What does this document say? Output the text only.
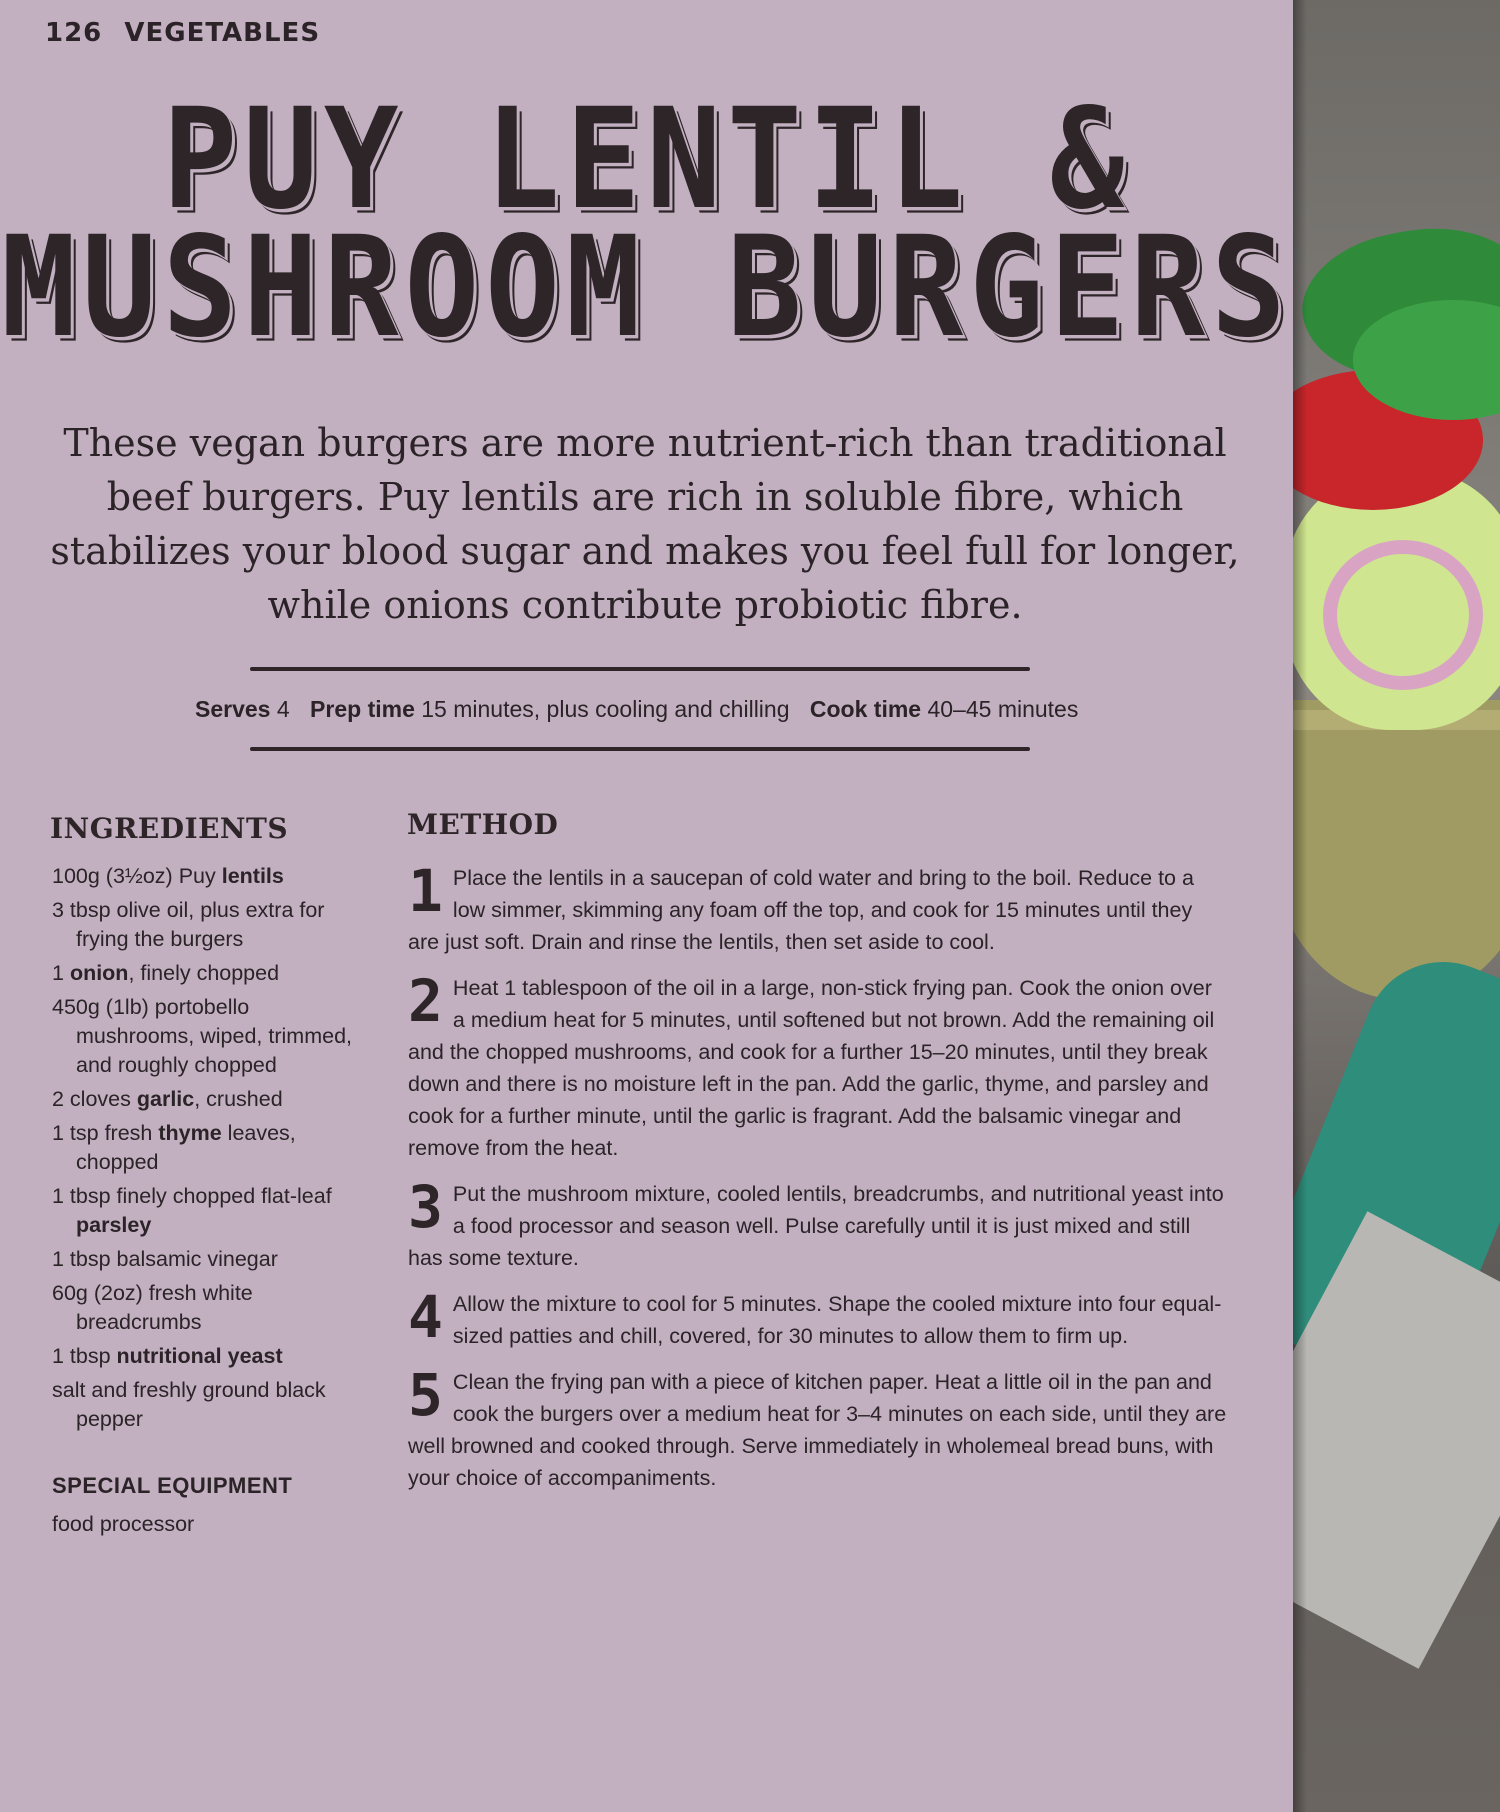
126 VEGETABLES
PUY LENTIL &
MUSHROOM BURGERS
These vegan burgers are more nutrient-rich than traditional beef burgers. Puy lentils are rich in soluble fibre, which stabilizes your blood sugar and makes you feel full for longer, while onions contribute probiotic fibre.
Serves 4 Prep time 15 minutes, plus cooling and chilling Cook time 40–45 minutes
INGREDIENTS
100g (3½oz) Puy lentils
3 tbsp olive oil, plus extra for frying the burgers
1 onion, finely chopped
450g (1lb) portobello mushrooms, wiped, trimmed, and roughly chopped
2 cloves garlic, crushed
1 tsp fresh thyme leaves, chopped
1 tbsp finely chopped flat-leaf parsley
1 tbsp balsamic vinegar
60g (2oz) fresh white breadcrumbs
1 tbsp nutritional yeast
salt and freshly ground black pepper
SPECIAL EQUIPMENT
food processor
METHOD
1 Place the lentils in a saucepan of cold water and bring to the boil. Reduce to a low simmer, skimming any foam off the top, and cook for 15 minutes until they are just soft. Drain and rinse the lentils, then set aside to cool.
2 Heat 1 tablespoon of the oil in a large, non-stick frying pan. Cook the onion over a medium heat for 5 minutes, until softened but not brown. Add the remaining oil and the chopped mushrooms, and cook for a further 15–20 minutes, until they break down and there is no moisture left in the pan. Add the garlic, thyme, and parsley and cook for a further minute, until the garlic is fragrant. Add the balsamic vinegar and remove from the heat.
3 Put the mushroom mixture, cooled lentils, breadcrumbs, and nutritional yeast into a food processor and season well. Pulse carefully until it is just mixed and still has some texture.
4 Allow the mixture to cool for 5 minutes. Shape the cooled mixture into four equal-sized patties and chill, covered, for 30 minutes to allow them to firm up.
5 Clean the frying pan with a piece of kitchen paper. Heat a little oil in the pan and cook the burgers over a medium heat for 3–4 minutes on each side, until they are well browned and cooked through. Serve immediately in wholemeal bread buns, with your choice of accompaniments.
